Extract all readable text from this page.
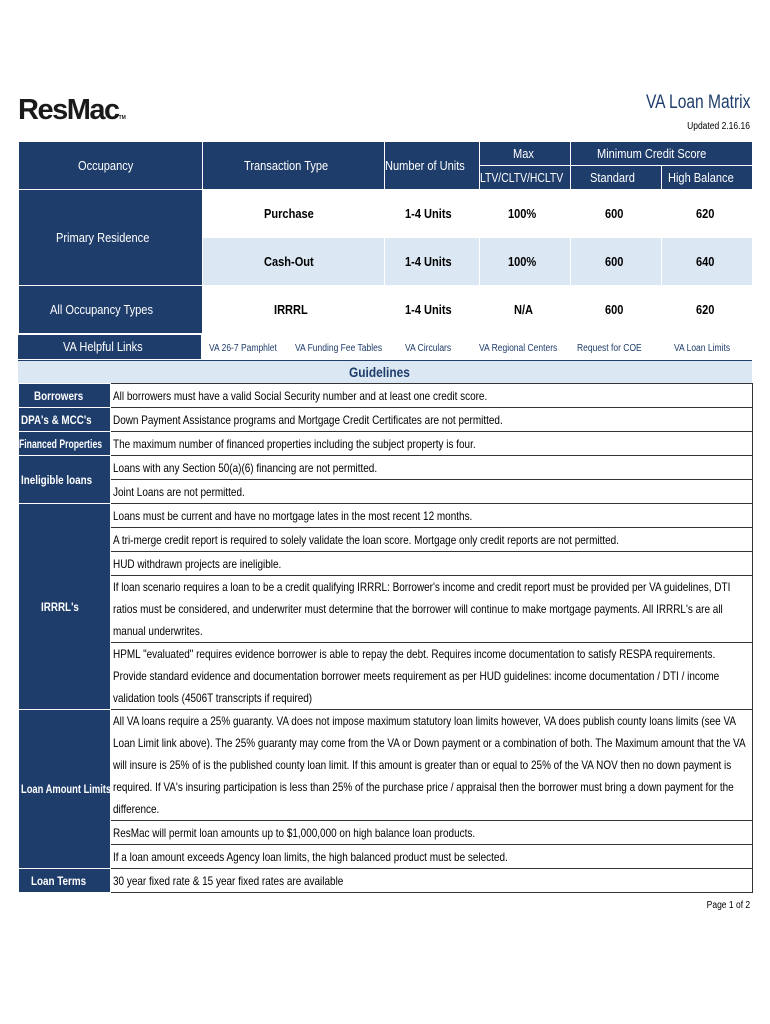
ResMacTM
VA Loan Matrix
Updated 2.16.16
Occupancy	Transaction Type	Number of Units	Max	Minimum Credit Score	
			LTV/CLTV/HCLTV	Standard	High Balance
Primary Residence	Purchase	1-4 Units	100%	600	620
	Cash-Out	1-4 Units	100%	600	640
All Occupancy Types	IRRRL	1-4 Units	N/A	600	620
VA Helpful Links	VA 26-7 Pamphlet	VA Funding Fee Tables	VA Circulars	VA Regional Centers	Request for COE	VA Loan Limits
Guidelines
Borrowers	All borrowers must have a valid Social Security number and at least one credit score.
DPA's & MCC's	Down Payment Assistance programs and Mortgage Credit Certificates are not permitted.
Financed Properties	The maximum number of financed properties including the subject property is four.
Ineligible loans	Loans with any Section 50(a)(6) financing are not permitted.
	Joint Loans are not permitted.
IRRRL's	Loans must be current and have no mortgage lates in the most recent 12 months.
	A tri-merge credit report is required to solely validate the loan score. Mortgage only credit reports are not permitted.
	HUD withdrawn projects are ineligible.
	If loan scenario requires a loan to be a credit qualifying IRRRL: Borrower's income and credit report must be provided per VA guidelines, DTI ratios must be considered, and underwriter must determine that the borrower will continue to make mortgage payments. All IRRRL's are all manual underwrites.
	HPML "evaluated" requires evidence borrower is able to repay the debt. Requires income documentation to satisfy RESPA requirements. Provide standard evidence and documentation borrower meets requirement as per HUD guidelines: income documentation / DTI / income validation tools (4506T transcripts if required)
Loan Amount Limits	All VA loans require a 25% guaranty. VA does not impose maximum statutory loan limits however, VA does publish county loans limits (see VA Loan Limit link above). The 25% guaranty may come from the VA or Down payment or a combination of both. The Maximum amount that the VA will insure is 25% of is the published county loan limit. If this amount is greater than or equal to 25% of the VA NOV then no down payment is required. If VA's insuring participation is less than 25% of the purchase price / appraisal then the borrower must bring a down payment for the difference.
	ResMac will permit loan amounts up to $1,000,000 on high balance loan products.
	If a loan amount exceeds Agency loan limits, the high balanced product must be selected.
Loan Terms	30 year fixed rate & 15 year fixed rates are available
Page 1 of 2
